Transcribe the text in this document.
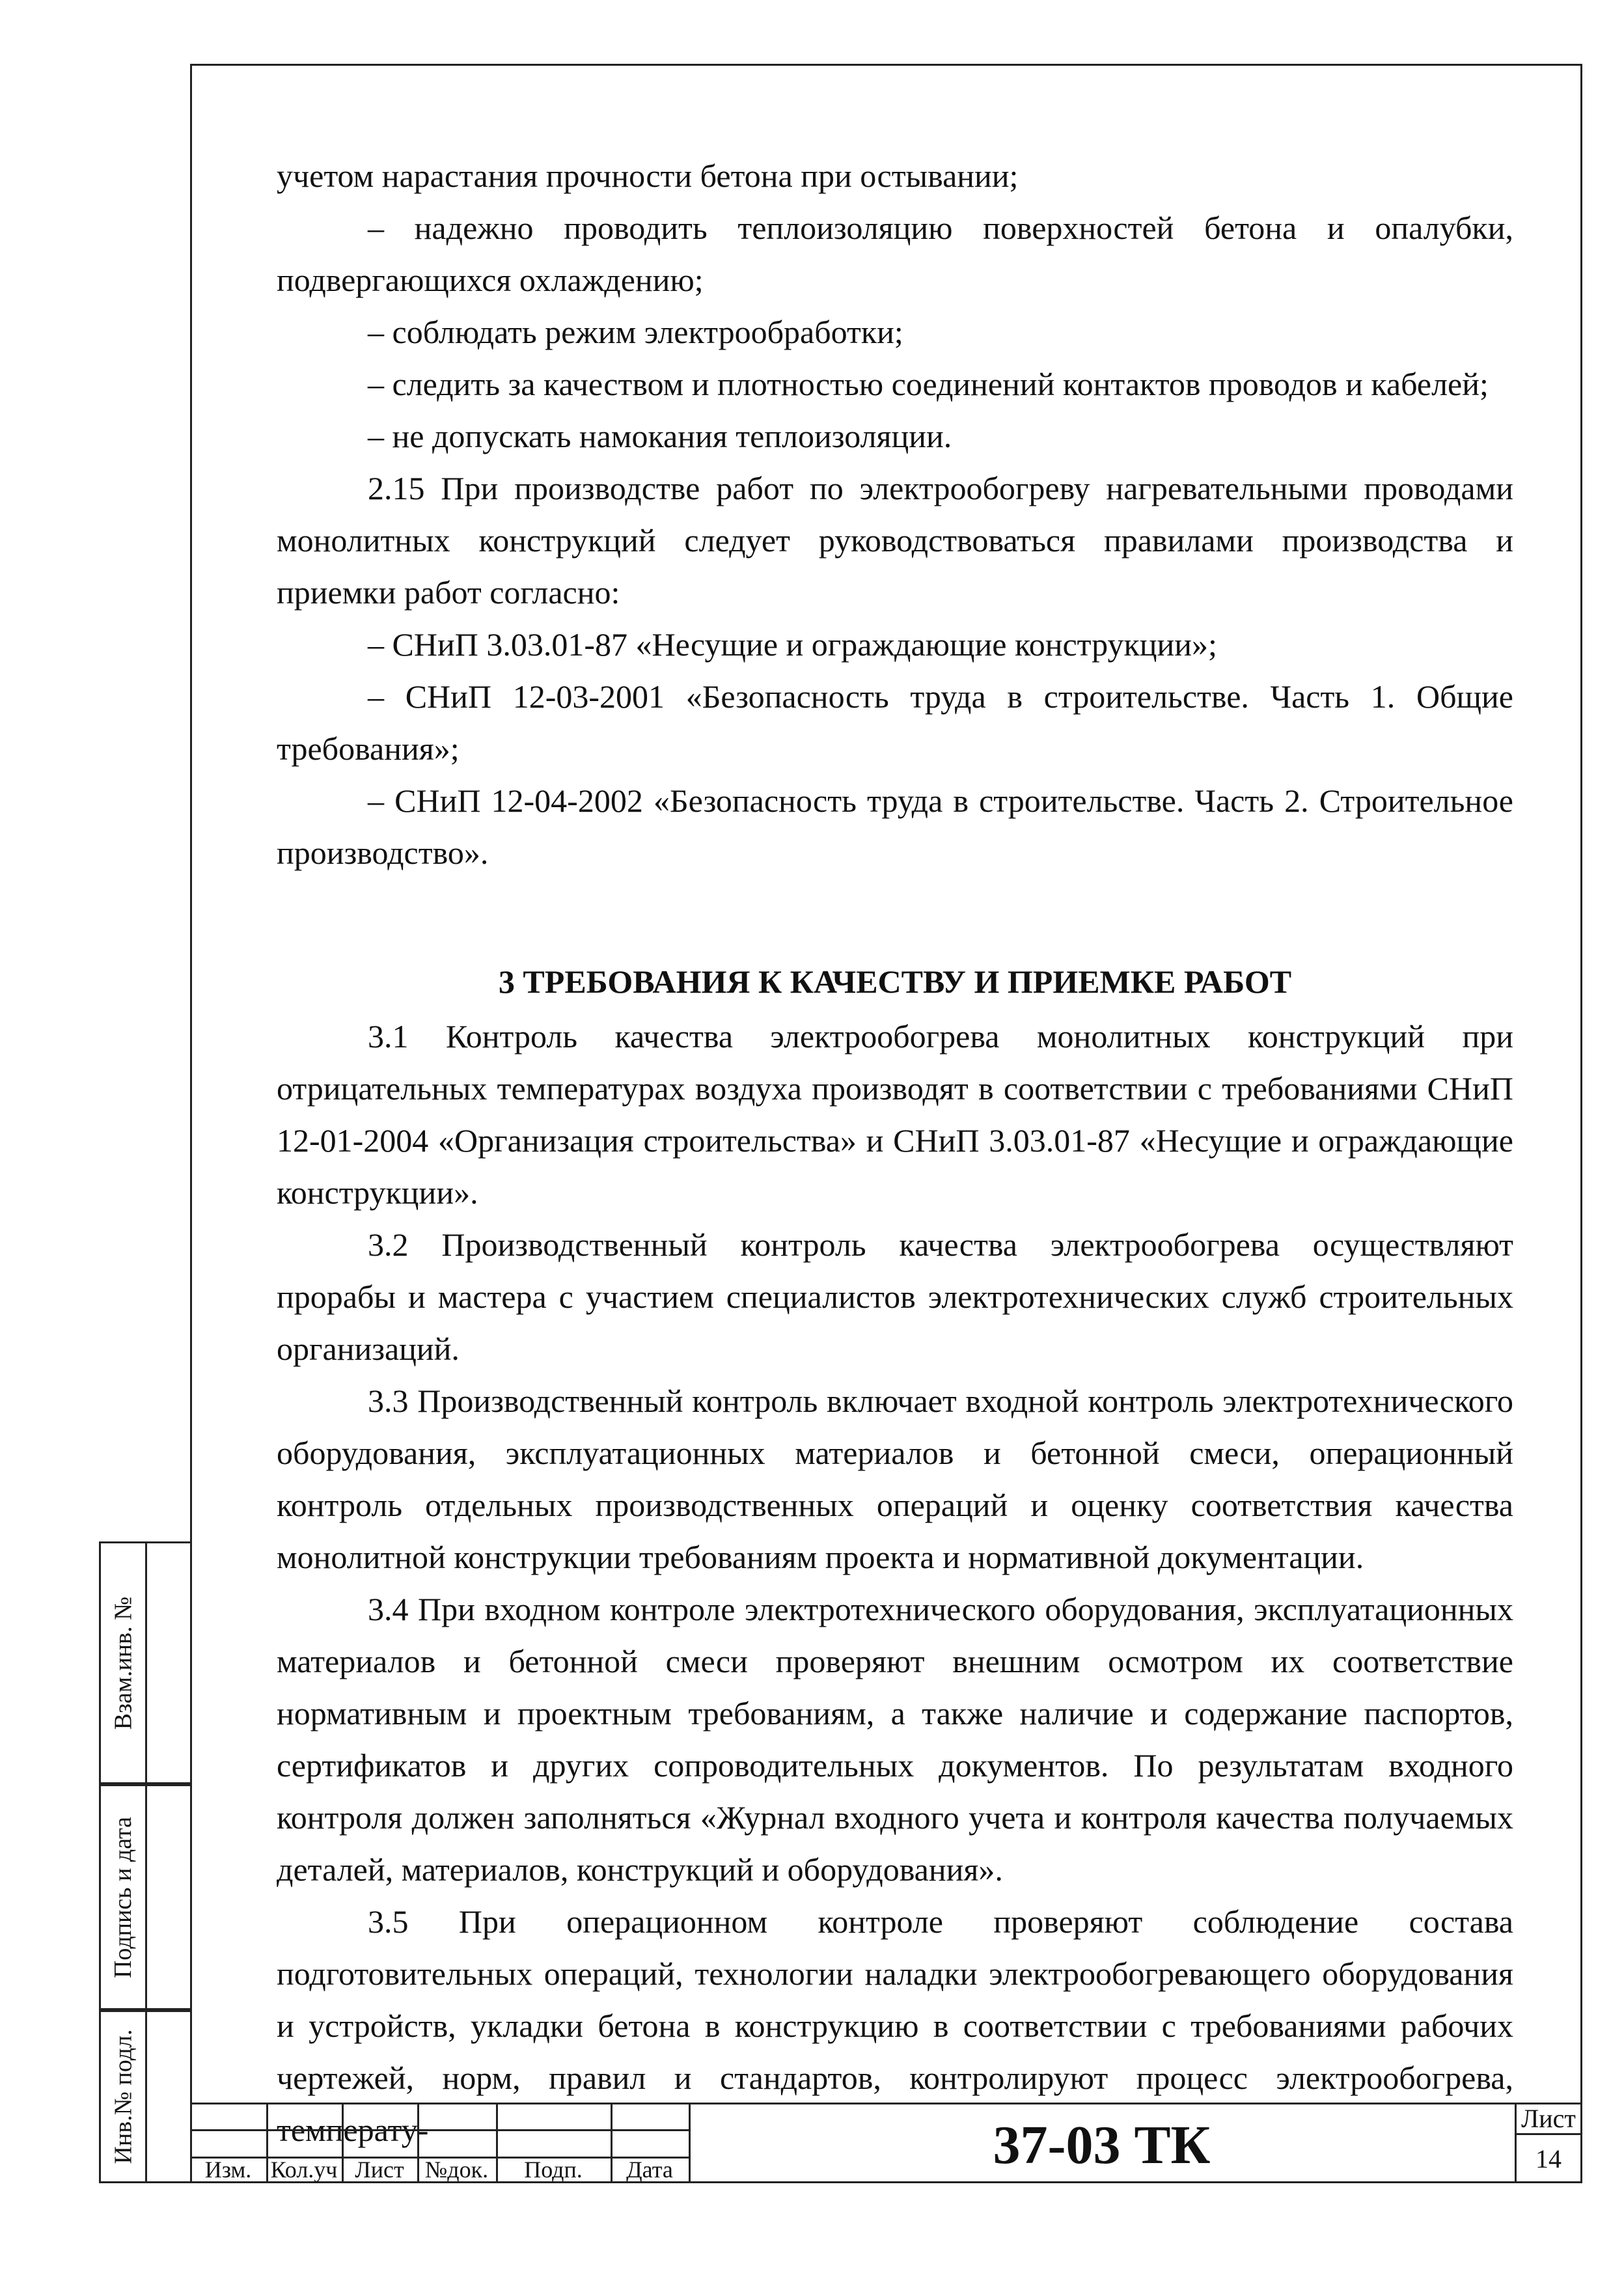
учетом нарастания прочности бетона при остывании;

– надежно проводить теплоизоляцию поверхностей бетона и опалубки, подвергающихся охлаждению;

– соблюдать режим электрообработки;

– следить за качеством и плотностью соединений контактов проводов и кабелей;

– не допускать намокания теплоизоляции.

2.15 При производстве работ по электрообогреву нагревательными проводами монолитных конструкций следует руководствоваться правилами производства и приемки работ согласно:

– СНиП 3.03.01-87 «Несущие и ограждающие конструкции»;

– СНиП 12-03-2001 «Безопасность труда в строительстве. Часть 1. Общие требования»;

– СНиП 12-04-2002 «Безопасность труда в строительстве. Часть 2. Строительное производство».

3 ТРЕБОВАНИЯ К КАЧЕСТВУ И ПРИЕМКЕ РАБОТ

3.1 Контроль качества электрообогрева монолитных конструкций при отрицательных температурах воздуха производят в соответствии с требованиями СНиП 12-01-2004 «Организация строительства» и СНиП 3.03.01-87 «Несущие и ограждающие конструкции».

3.2 Производственный контроль качества электрообогрева осуществляют прорабы и мастера с участием специалистов электротехнических служб строительных организаций.

3.3 Производственный контроль включает входной контроль электротехнического оборудования, эксплуатационных материалов и бетонной смеси, операционный контроль отдельных производственных операций и оценку соответствия качества монолитной конструкции требованиям проекта и нормативной документации.

3.4 При входном контроле электротехнического оборудования, эксплуатационных материалов и бетонной смеси проверяют внешним осмотром их соответствие нормативным и проектным требованиям, а также наличие и содержание паспортов, сертификатов и других сопроводительных документов. По результатам входного контроля должен заполняться «Журнал входного учета и контроля качества получаемых деталей, материалов, конструкций и оборудования».

3.5 При операционном контроле проверяют соблюдение состава подготовительных операций, технологии наладки электрообогревающего оборудования и устройств, укладки бетона в конструкцию в соответствии с требованиями рабочих чертежей, норм, правил и стандартов, контролируют процесс электрообогрева, температу-

Взам.инв. №
Подпись и дата
Инв.№ подл.
Изм. Кол.уч Лист №док.	Подп.	Дата	37-03 ТК	Лист
14
